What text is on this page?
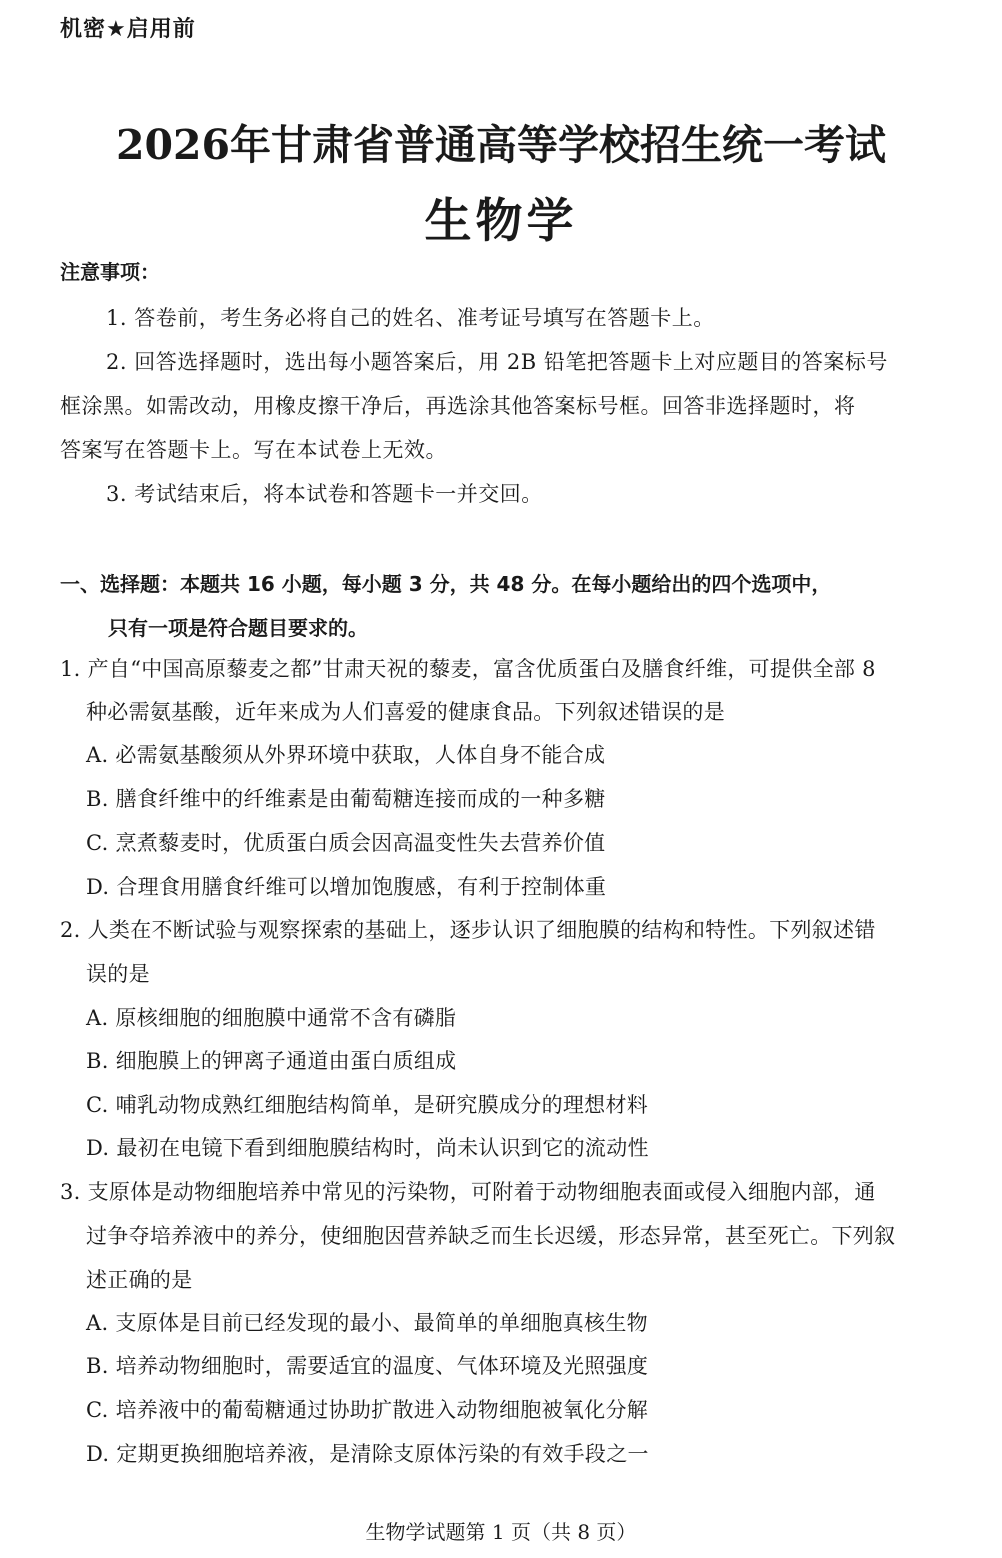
机密★启用前
2026年甘肃省普通高等学校招生统一考试
生物学
注意事项：
1. 答卷前，考生务必将自己的姓名、准考证号填写在答题卡上。
2. 回答选择题时，选出每小题答案后，用 2B 铅笔把答题卡上对应题目的答案标号
框涂黑。如需改动，用橡皮擦干净后，再选涂其他答案标号框。回答非选择题时，将
答案写在答题卡上。写在本试卷上无效。
3. 考试结束后，将本试卷和答题卡一并交回。
一、选择题：本题共 16 小题，每小题 3 分，共 48 分。在每小题给出的四个选项中，
只有一项是符合题目要求的。
1. 产自“中国高原藜麦之都”甘肃天祝的藜麦，富含优质蛋白及膳食纤维，可提供全部 8
种必需氨基酸，近年来成为人们喜爱的健康食品。下列叙述错误的是
A. 必需氨基酸须从外界环境中获取，人体自身不能合成
B. 膳食纤维中的纤维素是由葡萄糖连接而成的一种多糖
C. 烹煮藜麦时，优质蛋白质会因高温变性失去营养价值
D. 合理食用膳食纤维可以增加饱腹感，有利于控制体重
2. 人类在不断试验与观察探索的基础上，逐步认识了细胞膜的结构和特性。下列叙述错
误的是
A. 原核细胞的细胞膜中通常不含有磷脂
B. 细胞膜上的钾离子通道由蛋白质组成
C. 哺乳动物成熟红细胞结构简单，是研究膜成分的理想材料
D. 最初在电镜下看到细胞膜结构时，尚未认识到它的流动性
3. 支原体是动物细胞培养中常见的污染物，可附着于动物细胞表面或侵入细胞内部，通
过争夺培养液中的养分，使细胞因营养缺乏而生长迟缓，形态异常，甚至死亡。下列叙
述正确的是
A. 支原体是目前已经发现的最小、最简单的单细胞真核生物
B. 培养动物细胞时，需要适宜的温度、气体环境及光照强度
C. 培养液中的葡萄糖通过协助扩散进入动物细胞被氧化分解
D. 定期更换细胞培养液，是清除支原体污染的有效手段之一
生物学试题第 1 页（共 8 页）
